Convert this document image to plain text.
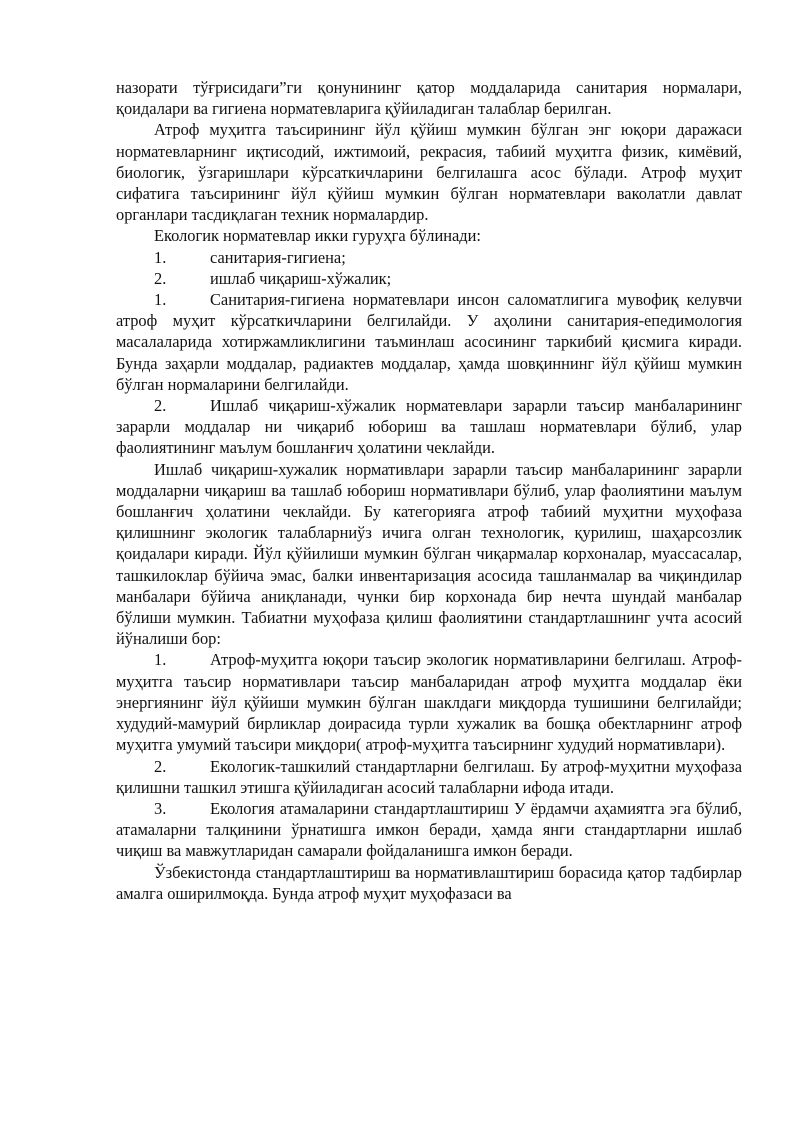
назорати тўғрисидаги”ги қонунининг қатор моддаларида санитария нормалари, қоидалари ва гигиена норматевларига қўйиладиган талаблар берилган.

Атроф муҳитга таъсирининг йўл қўйиш мумкин бўлган энг юқори даражаси норматевларнинг иқтисодий, ижтимоий, рекрасия, табиий муҳитга физик, кимёвий, биологик, ўзгаришлари кўрсаткичларини белгилашга асос бўлади. Атроф муҳит сифатига таъсирининг йўл қўйиш мумкин бўлган норматевлари ваколатли давлат органлари тасдиқлаган техник нормалардир.

Екологик норматевлар икки гуруҳга бўлинади:

1.	санитария-гигиена;

2.	ишлаб чиқариш-хўжалик;

1.	Санитария-гигиена норматевлари инсон саломатлигига мувофиқ келувчи атроф муҳит кўрсаткичларини белгилайди. У аҳолини санитария-епедимология масалаларида хотиржамликлигини таъминлаш асосининг таркибий қисмига киради. Бунда заҳарли моддалар, радиактев моддалар, ҳамда шовқиннинг йўл қўйиш мумкин бўлган нормаларини белгилайди.

2.	Ишлаб чиқариш-хўжалик норматевлари зарарли таъсир манбаларининг зарарли моддалар ни чиқариб юбориш ва ташлаш норматевлари бўлиб, улар фаолиятининг маълум бошланғич ҳолатини чеклайди.

Ишлаб чиқариш-хужалик нормативлари зарарли таъсир манбаларининг зарарли моддаларни чиқариш ва ташлаб юбориш нормативлари бўлиб, улар фаолиятини маълум бошланғич ҳолатини чеклайди. Бу категорияга атроф табиий муҳитни муҳофаза қилишнинг экологик талабларниўз ичига олган технологик, қурилиш, шаҳарсозлик қоидалари киради. Йўл қўйилиши мумкин бўлган чиқармалар корхоналар, муассасалар, ташкилоклар бўйича эмас, балки инвентаризация асосида ташланмалар ва чиқиндилар манбалари бўйича аниқланади, чунки бир корхонада бир нечта шундай манбалар бўлиши мумкин. Табиатни муҳофаза қилиш фаолиятини стандартлашнинг учта асосий йўналиши бор:

1.	Атроф-муҳитга юқори таъсир экологик нормативларини белгилаш. Атроф-муҳитга таъсир нормативлари таъсир манбаларидан атроф муҳитга моддалар ёки энергиянинг йўл қўйиши мумкин бўлган шаклдаги миқдорда тушишини белгилайди; худудий-мамурий бирликлар доирасида турли хужалик ва бошқа обектларнинг атроф муҳитга умумий таъсири миқдори( атроф-муҳитга таъсирнинг худудий нормативлари).

2.	Екологик-ташкилий стандартларни белгилаш. Бу атроф-муҳитни муҳофаза қилишни ташкил этишга қўйиладиган асосий талабларни ифода итади.

3.	Екология атамаларини стандартлаштириш У ёрдамчи аҳамиятга эга бўлиб, атамаларни талқинини ўрнатишга имкон беради, ҳамда янги стандартларни ишлаб чиқиш ва мавжутларидан самарали фойдаланишга имкон беради.

Ўзбекистонда стандартлаштириш ва нормативлаштириш борасида қатор тадбирлар амалга оширилмоқда. Бунда атроф муҳит муҳофазаси ва
